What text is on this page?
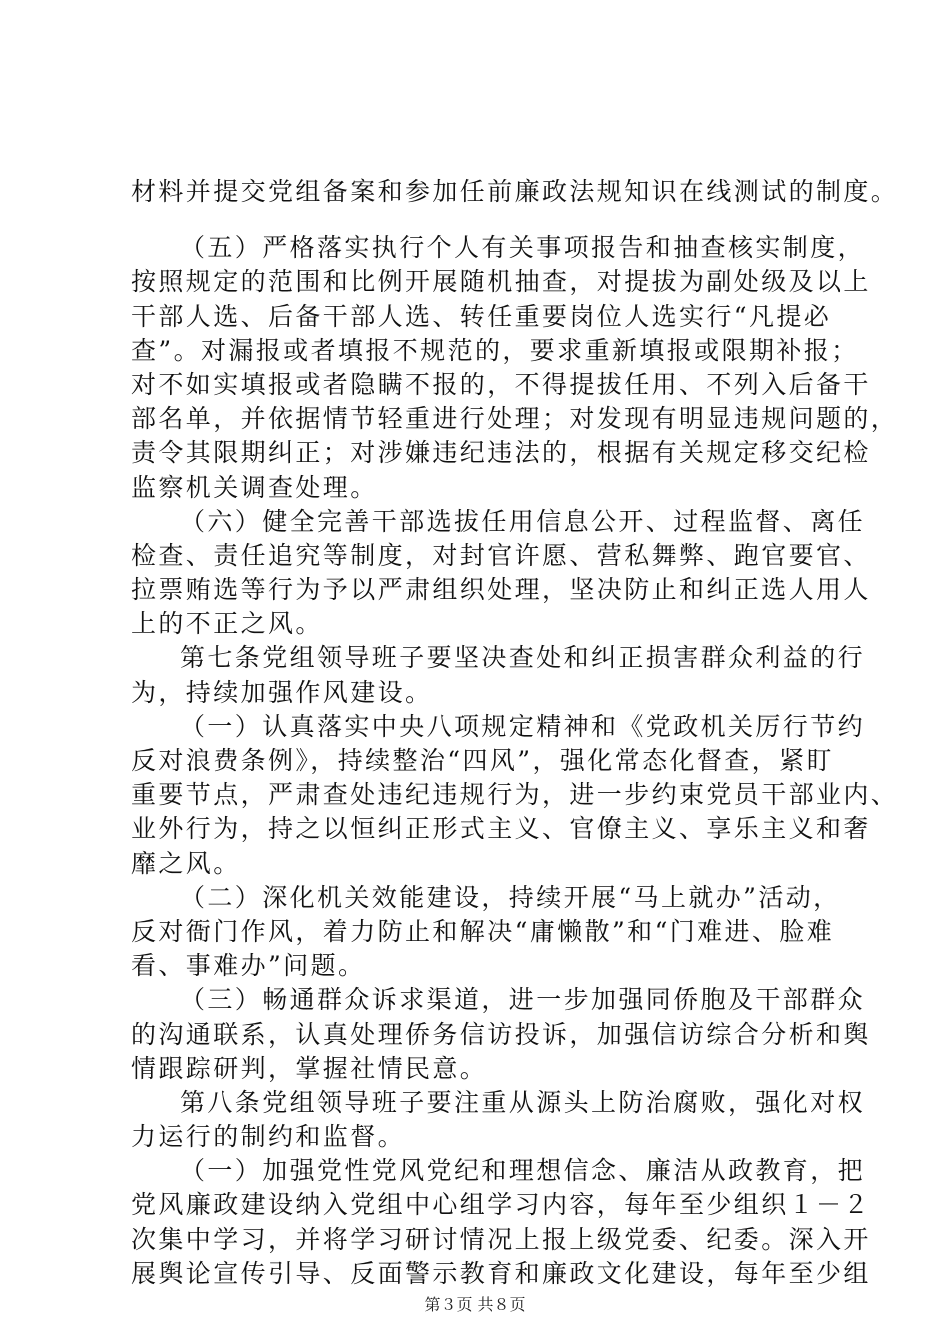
材料并提交党组备案和参加任前廉政法规知识在线测试的制度。
（五）严格落实执行个人有关事项报告和抽查核实制度，
按照规定的范围和比例开展随机抽查，对提拔为副处级及以上
干部人选、后备干部人选、转任重要岗位人选实行“凡提必
查”。对漏报或者填报不规范的，要求重新填报或限期补报；
对不如实填报或者隐瞒不报的，不得提拔任用、不列入后备干
部名单，并依据情节轻重进行处理；对发现有明显违规问题的，
责令其限期纠正；对涉嫌违纪违法的，根据有关规定移交纪检
监察机关调查处理。
（六）健全完善干部选拔任用信息公开、过程监督、离任
检查、责任追究等制度，对封官许愿、营私舞弊、跑官要官、
拉票贿选等行为予以严肃组织处理，坚决防止和纠正选人用人
上的不正之风。
第七条党组领导班子要坚决查处和纠正损害群众利益的行
为，持续加强作风建设。
（一）认真落实中央八项规定精神和《党政机关厉行节约
反对浪费条例》，持续整治“四风”，强化常态化督查，紧盯
重要节点，严肃查处违纪违规行为，进一步约束党员干部业内、
业外行为，持之以恒纠正形式主义、官僚主义、享乐主义和奢
靡之风。
（二）深化机关效能建设，持续开展“马上就办”活动，
反对衙门作风，着力防止和解决“庸懒散”和“门难进、脸难
看、事难办”问题。
（三）畅通群众诉求渠道，进一步加强同侨胞及干部群众
的沟通联系，认真处理侨务信访投诉，加强信访综合分析和舆
情跟踪研判，掌握社情民意。
第八条党组领导班子要注重从源头上防治腐败，强化对权
力运行的制约和监督。
（一）加强党性党风党纪和理想信念、廉洁从政教育，把
党风廉政建设纳入党组中心组学习内容，每年至少组织１－２
次集中学习，并将学习研讨情况上报上级党委、纪委。深入开
展舆论宣传引导、反面警示教育和廉政文化建设，每年至少组
第３页 共８页
